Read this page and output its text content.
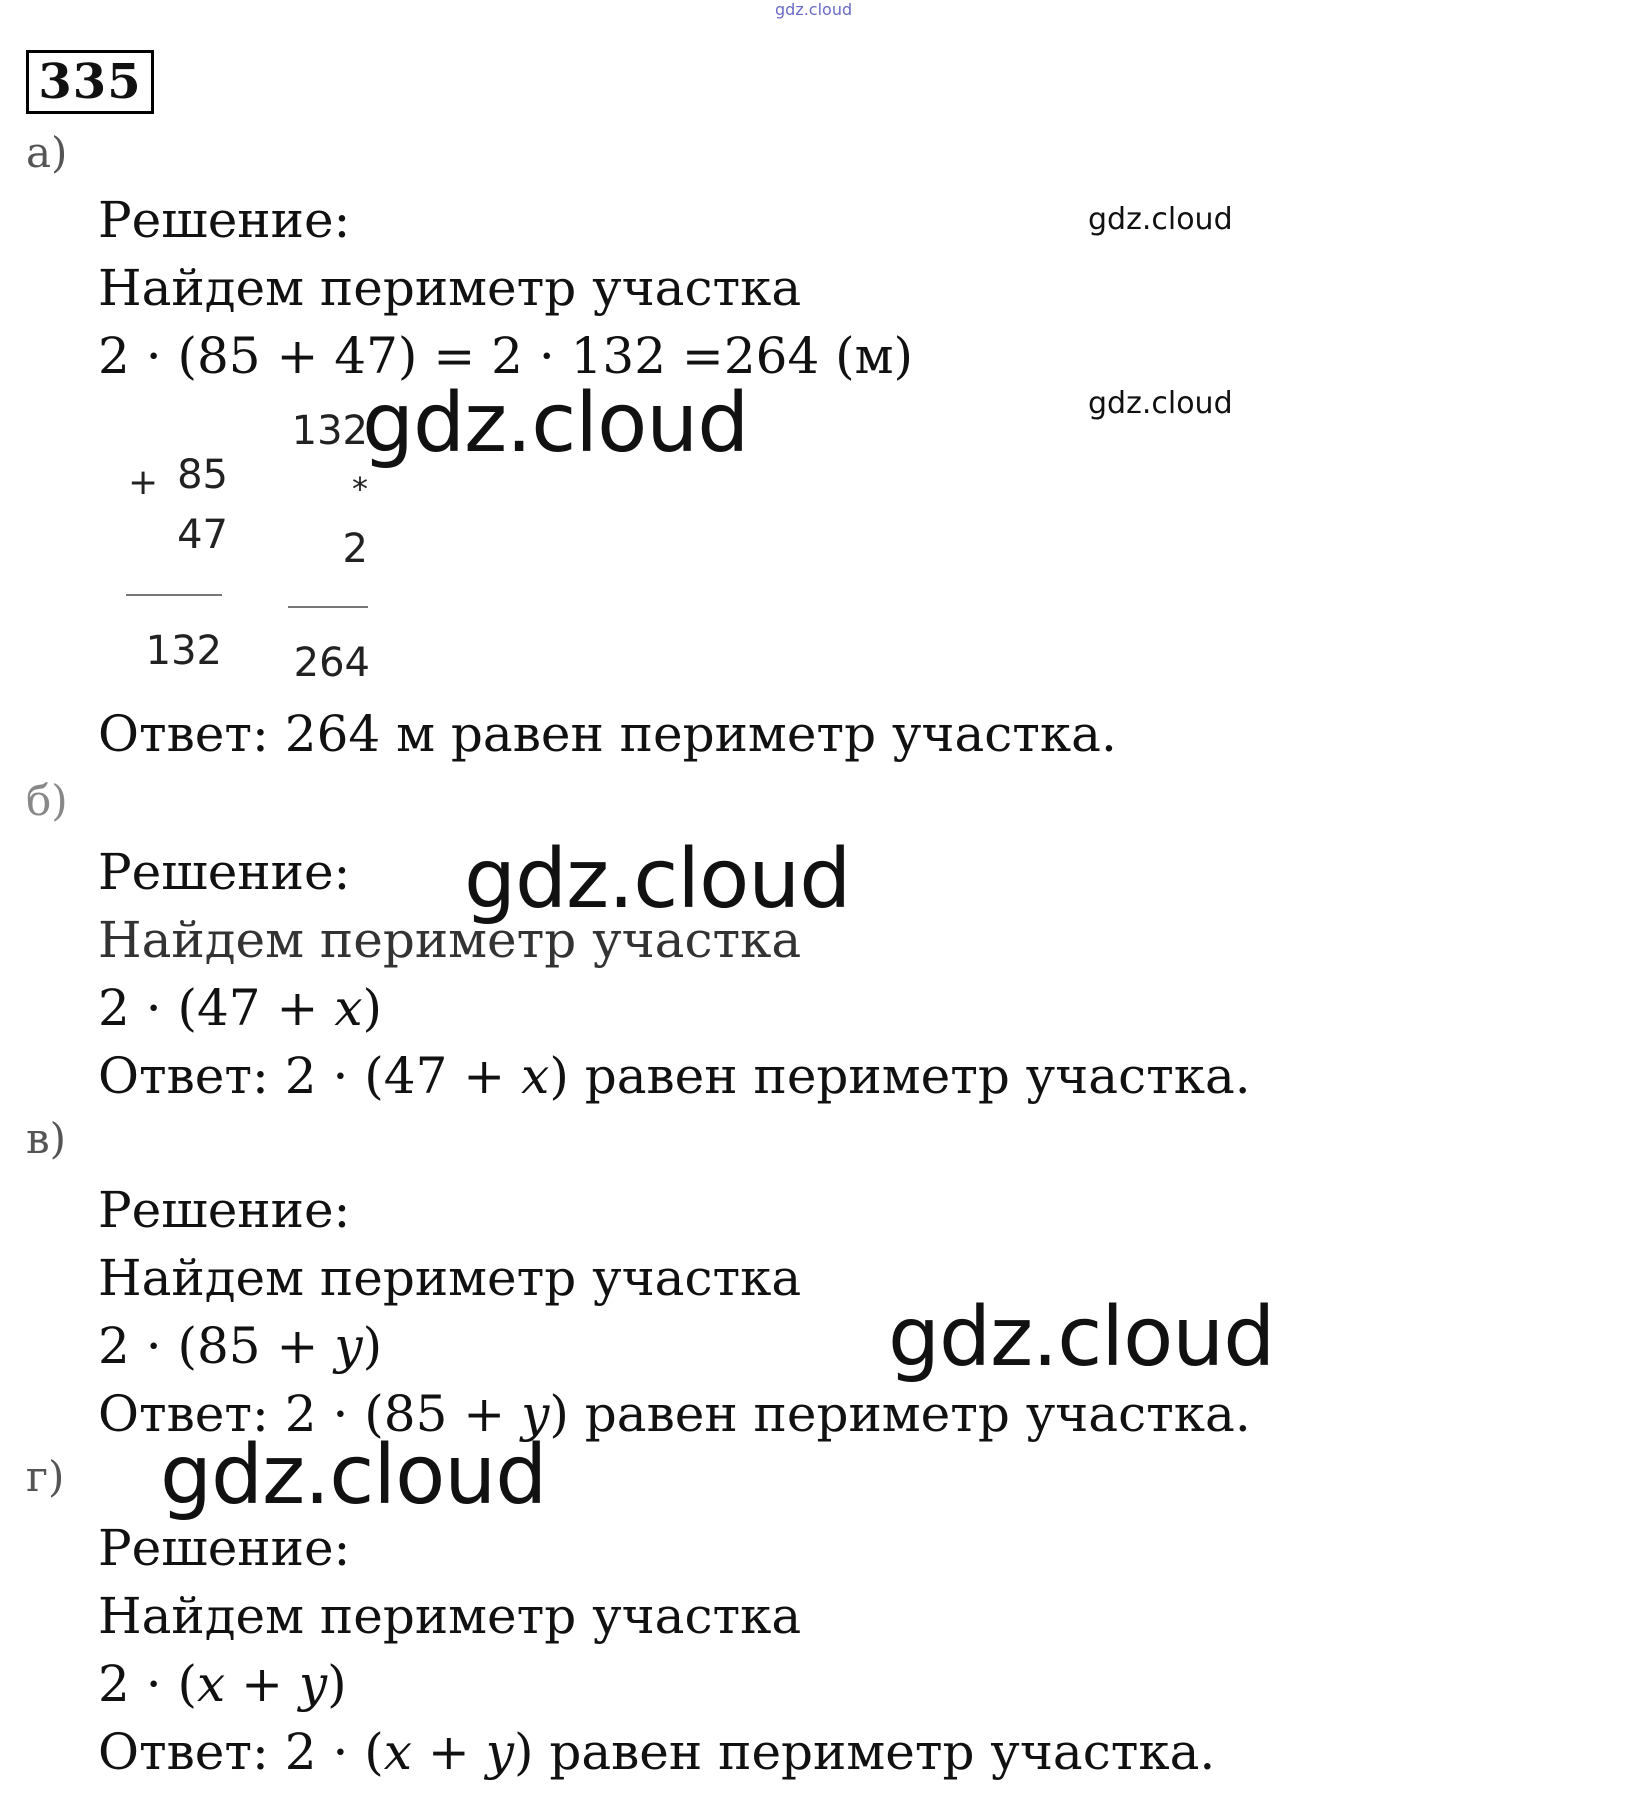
gdz.cloud
335
а)
Решение:
Найдем периметр участка
2 · (85 + 47) = 2 · 132 =264 (м)
+ 85
47
132
132
*
2
264
Ответ: 264 м равен периметр участка.
б)
Решение:
Найдем периметр участка
2 · (47 + x)
Ответ: 2 · (47 + x) равен периметр участка.
в)
Решение:
Найдем периметр участка
2 · (85 + y)
Ответ: 2 · (85 + y) равен периметр участка.
г)
Решение:
Найдем периметр участка
2 · (x + y)
Ответ: 2 · (x + y) равен периметр участка.
gdz.cloud
gdz.cloud
gdz.cloud
gdz.cloud
gdz.cloud
gdz.cloud
